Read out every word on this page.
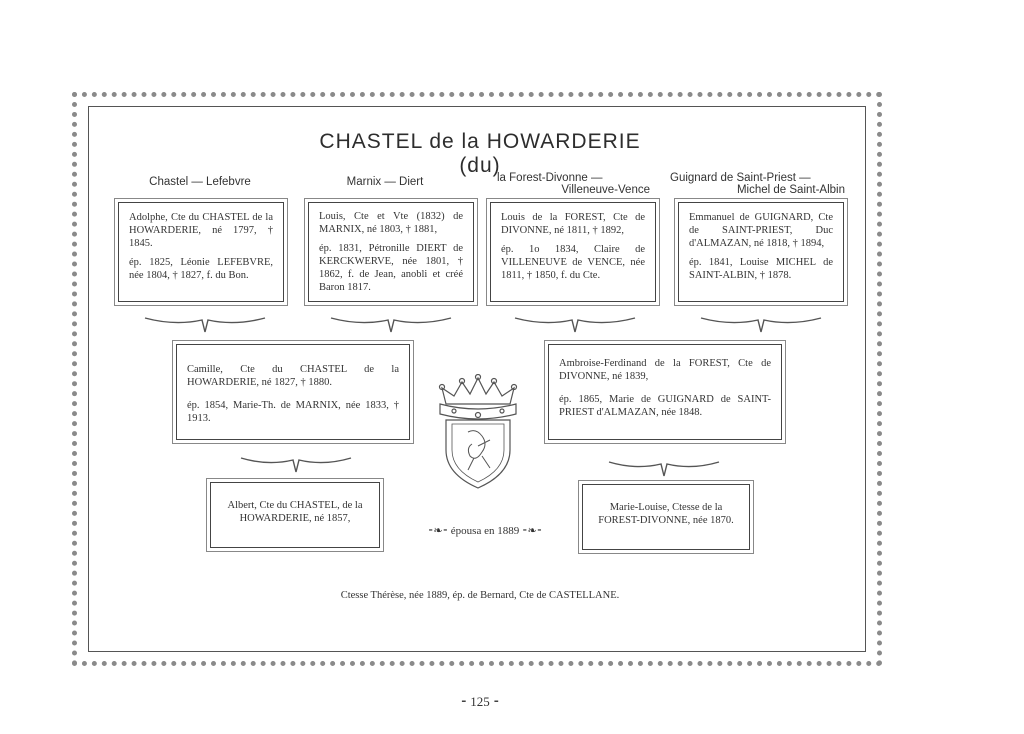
CHASTEL de la HOWARDERIE (du)
Chastel — Lefebvre	Marnix — Diert	la Forest-Divonne —
Villeneuve-Vence
Guignard de Saint-Priest —
Michel de Saint-Albin

Adolphe, Cte du CHASTEL de la HOWARDERIE, né 1797, † 1845.

ép. 1825, Léonie LEFEBVRE, née 1804, † 1827, f. du Bon.

Louis, Cte et Vte (1832) de MARNIX, né 1803, † 1881,

ép. 1831, Pétronille DIERT de KERCKWERVE, née 1801, † 1862, f. de Jean, anobli et créé Baron 1817.

Louis de la FOREST, Cte de DIVONNE, né 1811, † 1892,

ép. 1o 1834, Claire de VILLENEUVE de VENCE, née 1811, † 1850, f. du Cte.

Emmanuel de GUIGNARD, Cte de SAINT-PRIEST, Duc d'ALMAZAN, né 1818, † 1894,

ép. 1841, Louise MICHEL de SAINT-ALBIN, † 1878.

Camille, Cte du CHASTEL de la HOWARDERIE, né 1827, † 1880.

ép. 1854, Marie-Th. de MARNIX, née 1833, † 1913.

Ambroise-Ferdinand de la FOREST, Cte de DIVONNE, né 1839,

ép. 1865, Marie de GUIGNARD de SAINT-PRIEST d'ALMAZAN, née 1848.

Albert, Cte du CHASTEL, de la HOWARDERIE, né 1857,

Marie-Louise, Ctesse de la FOREST-DIVONNE, née 1870.

⁃❧⁃ épousa en 1889 ⁃❧⁃
Ctesse Thérèse, née 1889, ép. de Bernard, Cte de CASTELLANE.
⁃ 125 ⁃
